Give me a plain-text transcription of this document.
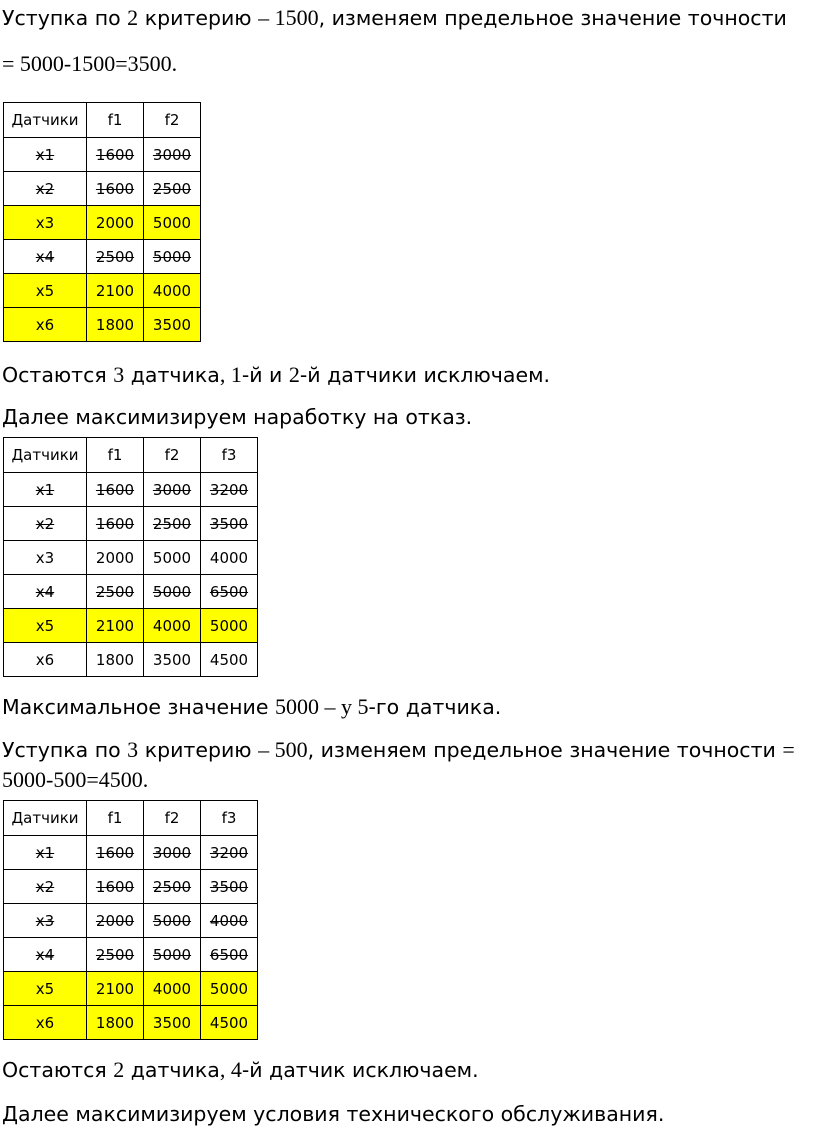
Уступка по 2 критерию – 1500, изменяем предельное значение точности
= 5000-1500=3500.
Датчики	f1	f2
x1	1600	3000
x2	1600	2500
x3	2000	5000
x4	2500	5000
x5	2100	4000
x6	1800	3500
Остаются 3 датчика, 1-й и 2-й датчики исключаем.
Далее максимизируем наработку на отказ.
Датчики	f1	f2	f3
x1	1600	3000	3200
x2	1600	2500	3500
x3	2000	5000	4000
x4	2500	5000	6500
x5	2100	4000	5000
x6	1800	3500	4500
Максимальное значение 5000 – у 5-го датчика.
Уступка по 3 критерию – 500, изменяем предельное значение точности =
5000-500=4500.
Датчики	f1	f2	f3
x1	1600	3000	3200
x2	1600	2500	3500
x3	2000	5000	4000
x4	2500	5000	6500
x5	2100	4000	5000
x6	1800	3500	4500
Остаются 2 датчика, 4-й датчик исключаем.
Далее максимизируем условия технического обслуживания.
